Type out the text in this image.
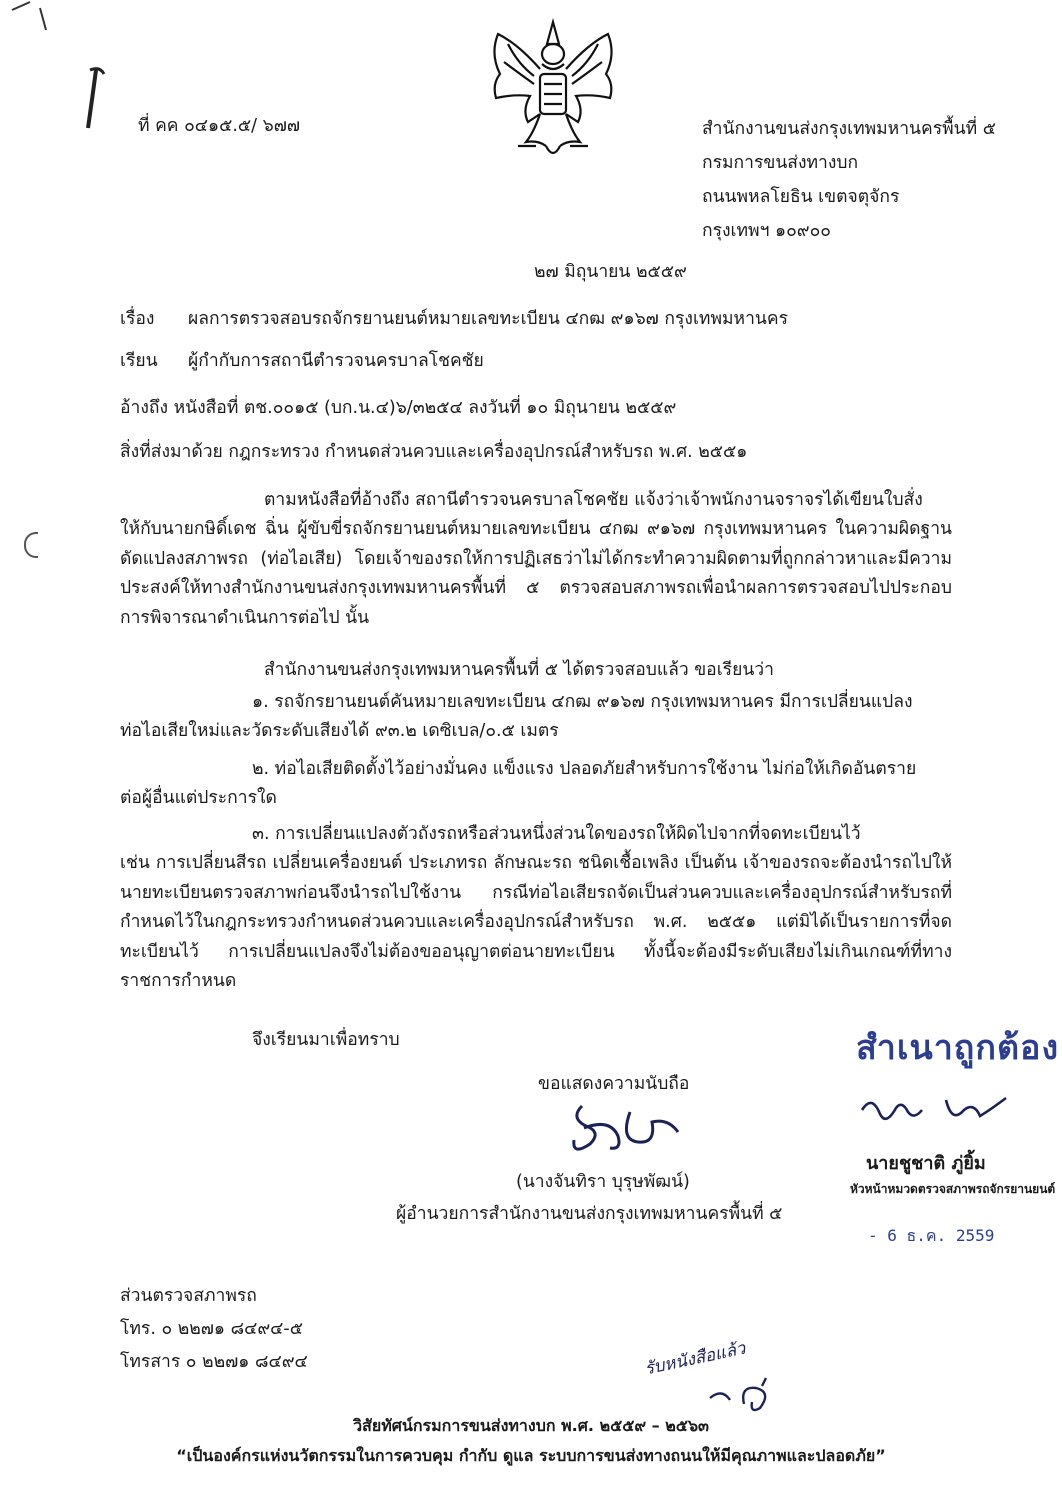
ที่ คค ๐๔๑๕.๕/ ๖๗๗	สำนักงานขนส่งกรุงเทพมหานครพื้นที่ ๕
กรมการขนส่งทางบก
ถนนพหลโยธิน เขตจตุจักร
กรุงเทพฯ ๑๐๙๐๐
๒๗ มิถุนายน ๒๕๕๙
เรื่อง ผลการตรวจสอบรถจักรยานยนต์หมายเลขทะเบียน ๔กฒ ๙๑๖๗ กรุงเทพมหานคร
เรียน ผู้กำกับการสถานีตำรวจนครบาลโชคชัย
อ้างถึง หนังสือที่ ตช.๐๐๑๕ (บก.น.๔)๖/๓๒๕๔ ลงวันที่ ๑๐ มิถุนายน ๒๕๕๙
สิ่งที่ส่งมาด้วย กฎกระทรวง กำหนดส่วนควบและเครื่องอุปกรณ์สำหรับรถ พ.ศ. ๒๕๕๑
ตามหนังสือที่อ้างถึง สถานีตำรวจนครบาลโชคชัย แจ้งว่าเจ้าพนักงานจราจรได้เขียนใบสั่ง
ให้กับนายกษิดิ์เดช ฉิ่น ผู้ขับขี่รถจักรยานยนต์หมายเลขทะเบียน ๔กฒ ๙๑๖๗ กรุงเทพมหานคร ในความผิดฐานดัดแปลงสภาพรถ (ท่อไอเสีย) โดยเจ้าของรถให้การปฏิเสธว่าไม่ได้กระทำความผิดตามที่ถูกกล่าวหาและมีความประสงค์ให้ทางสำนักงานขนส่งกรุงเทพมหานครพื้นที่ ๕ ตรวจสอบสภาพรถเพื่อนำผลการตรวจสอบไปประกอบการพิจารณาดำเนินการต่อไป นั้น
สำนักงานขนส่งกรุงเทพมหานครพื้นที่ ๕ ได้ตรวจสอบแล้ว ขอเรียนว่า
๑. รถจักรยานยนต์คันหมายเลขทะเบียน ๔กฒ ๙๑๖๗ กรุงเทพมหานคร มีการเปลี่ยนแปลง
ท่อไอเสียใหม่และวัดระดับเสียงได้ ๙๓.๒ เดซิเบล/๐.๕ เมตร
๒. ท่อไอเสียติดตั้งไว้อย่างมั่นคง แข็งแรง ปลอดภัยสำหรับการใช้งาน ไม่ก่อให้เกิดอันตราย
ต่อผู้อื่นแต่ประการใด
๓. การเปลี่ยนแปลงตัวถังรถหรือส่วนหนึ่งส่วนใดของรถให้ผิดไปจากที่จดทะเบียนไว้
เช่น การเปลี่ยนสีรถ เปลี่ยนเครื่องยนต์ ประเภทรถ ลักษณะรถ ชนิดเชื้อเพลิง เป็นต้น เจ้าของรถจะต้องนำรถไปให้นายทะเบียนตรวจสภาพก่อนจึงนำรถไปใช้งาน กรณีท่อไอเสียรถจัดเป็นส่วนควบและเครื่องอุปกรณ์สำหรับรถที่กำหนดไว้ในกฎกระทรวงกำหนดส่วนควบและเครื่องอุปกรณ์สำหรับรถ พ.ศ. ๒๕๕๑ แต่มิได้เป็นรายการที่จดทะเบียนไว้ การเปลี่ยนแปลงจึงไม่ต้องขออนุญาตต่อนายทะเบียน ทั้งนี้จะต้องมีระดับเสียงไม่เกินเกณฑ์ที่ทางราชการกำหนด
จึงเรียนมาเพื่อทราบ
ขอแสดงความนับถือ
(นางจันทิรา บุรุษพัฒน์)
ผู้อำนวยการสำนักงานขนส่งกรุงเทพมหานครพื้นที่ ๕
สำเนาถูกต้อง
นายชูชาติ ภู่ยิ้ม
หัวหน้าหมวดตรวจสภาพรถจักรยานยนต์
- 6 ธ.ค. 2559
ส่วนตรวจสภาพรถ
โทร. ๐ ๒๒๗๑ ๘๔๙๔-๕
โทรสาร ๐ ๒๒๗๑ ๘๔๙๔	รับหนังสือแล้ว
วิสัยทัศน์กรมการขนส่งทางบก พ.ศ. ๒๕๕๙ – ๒๕๖๓
“เป็นองค์กรแห่งนวัตกรรมในการควบคุม กำกับ ดูแล ระบบการขนส่งทางถนนให้มีคุณภาพและปลอดภัย”
